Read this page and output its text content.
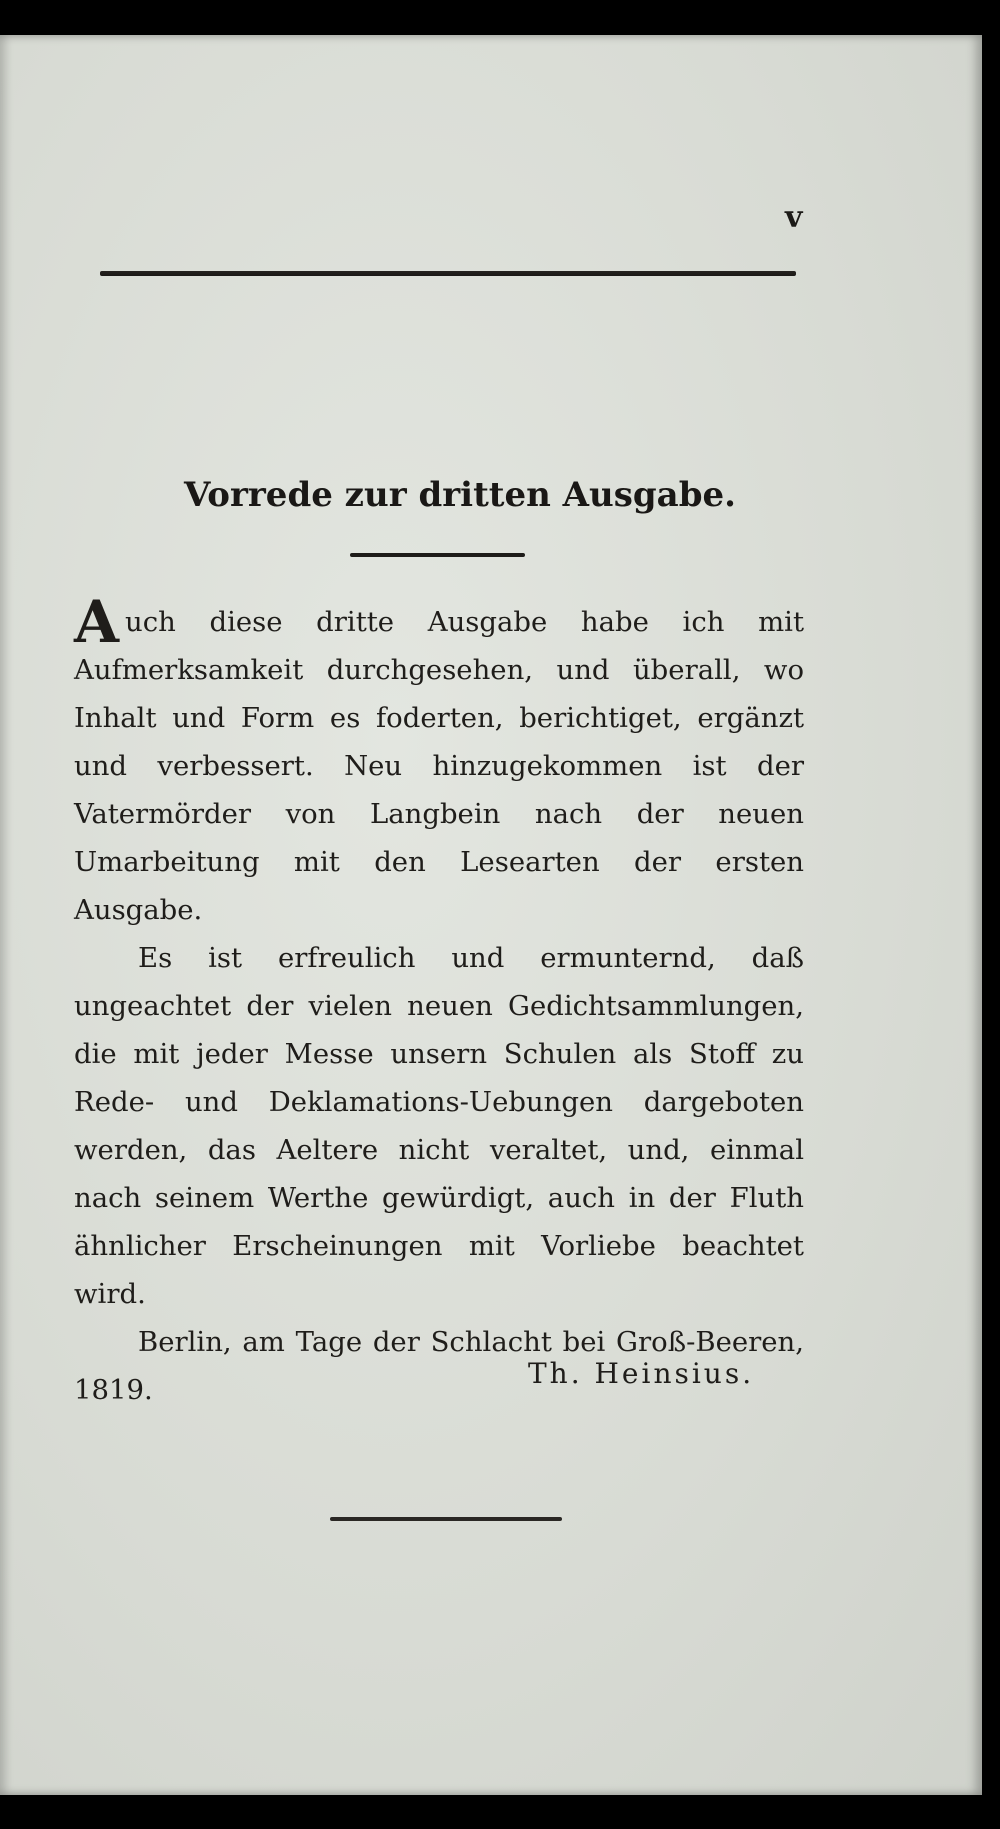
v
Vorrede zur dritten Ausgabe.

Auch diese dritte Ausgabe habe ich mit Aufmerksamkeit durchgesehen, und überall, wo Inhalt und Form es foderten, berichtiget, ergänzt und verbessert. Neu hinzugekommen ist der Vatermörder von Langbein nach der neuen Umarbeitung mit den Lesearten der ersten Ausgabe.

Es ist erfreulich und ermunternd, daß ungeachtet der vielen neuen Gedichtsammlungen, die mit jeder Messe unsern Schulen als Stoff zu Rede- und Deklamations-Uebungen dargeboten werden, das Aeltere nicht veraltet, und, einmal nach seinem Werthe gewürdigt, auch in der Fluth ähnlicher Erscheinungen mit Vorliebe beachtet wird.

Berlin, am Tage der Schlacht bei Groß-Beeren, 1819.	Th. Heinsius.
